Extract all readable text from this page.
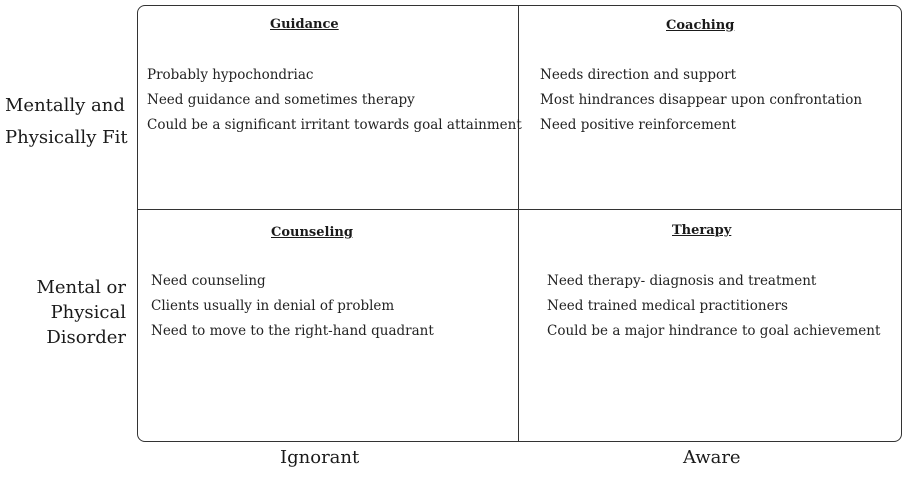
Mentally and
Physically Fit
Mental or
Physical
Disorder
Guidance
Probably hypochondriac
Need guidance and sometimes therapy
Could be a significant irritant towards goal attainment
Coaching
Needs direction and support
Most hindrances disappear upon confrontation
Need positive reinforcement
Counseling
Need counseling
Clients usually in denial of problem
Need to move to the right-hand quadrant
Therapy
Need therapy- diagnosis and treatment
Need trained medical practitioners
Could be a major hindrance to goal achievement
Ignorant	Aware
